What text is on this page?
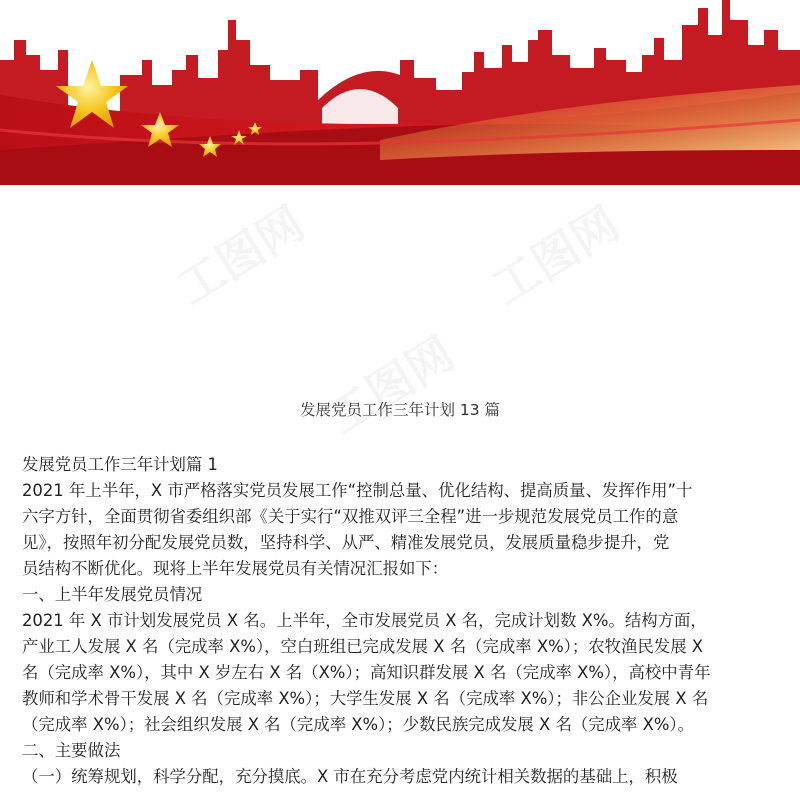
发展党员工作三年计划 13 篇
发展党员工作三年计划篇 1
2021 年上半年，X 市严格落实党员发展工作“控制总量、优化结构、提高质量、发挥作用”十
六字方针，全面贯彻省委组织部《关于实行“双推双评三全程”进一步规范发展党员工作的意
见》，按照年初分配发展党员数，坚持科学、从严、精准发展党员，发展质量稳步提升，党
员结构不断优化。现将上半年发展党员有关情况汇报如下：
一、上半年发展党员情况
2021 年 X 市计划发展党员 X 名。上半年，全市发展党员 X 名，完成计划数 X%。结构方面，
产业工人发展 X 名（完成率 X%），空白班组已完成发展 X 名（完成率 X%）；农牧渔民发展 X
名（完成率 X%），其中 X 岁左右 X 名（X%）；高知识群发展 X 名（完成率 X%），高校中青年
教师和学术骨干发展 X 名（完成率 X%）；大学生发展 X 名（完成率 X%）；非公企业发展 X 名
（完成率 X%）；社会组织发展 X 名（完成率 X%）；少数民族完成发展 X 名（完成率 X%）。
二、主要做法
（一）统筹规划，科学分配，充分摸底。X 市在充分考虑党内统计相关数据的基础上，积极
